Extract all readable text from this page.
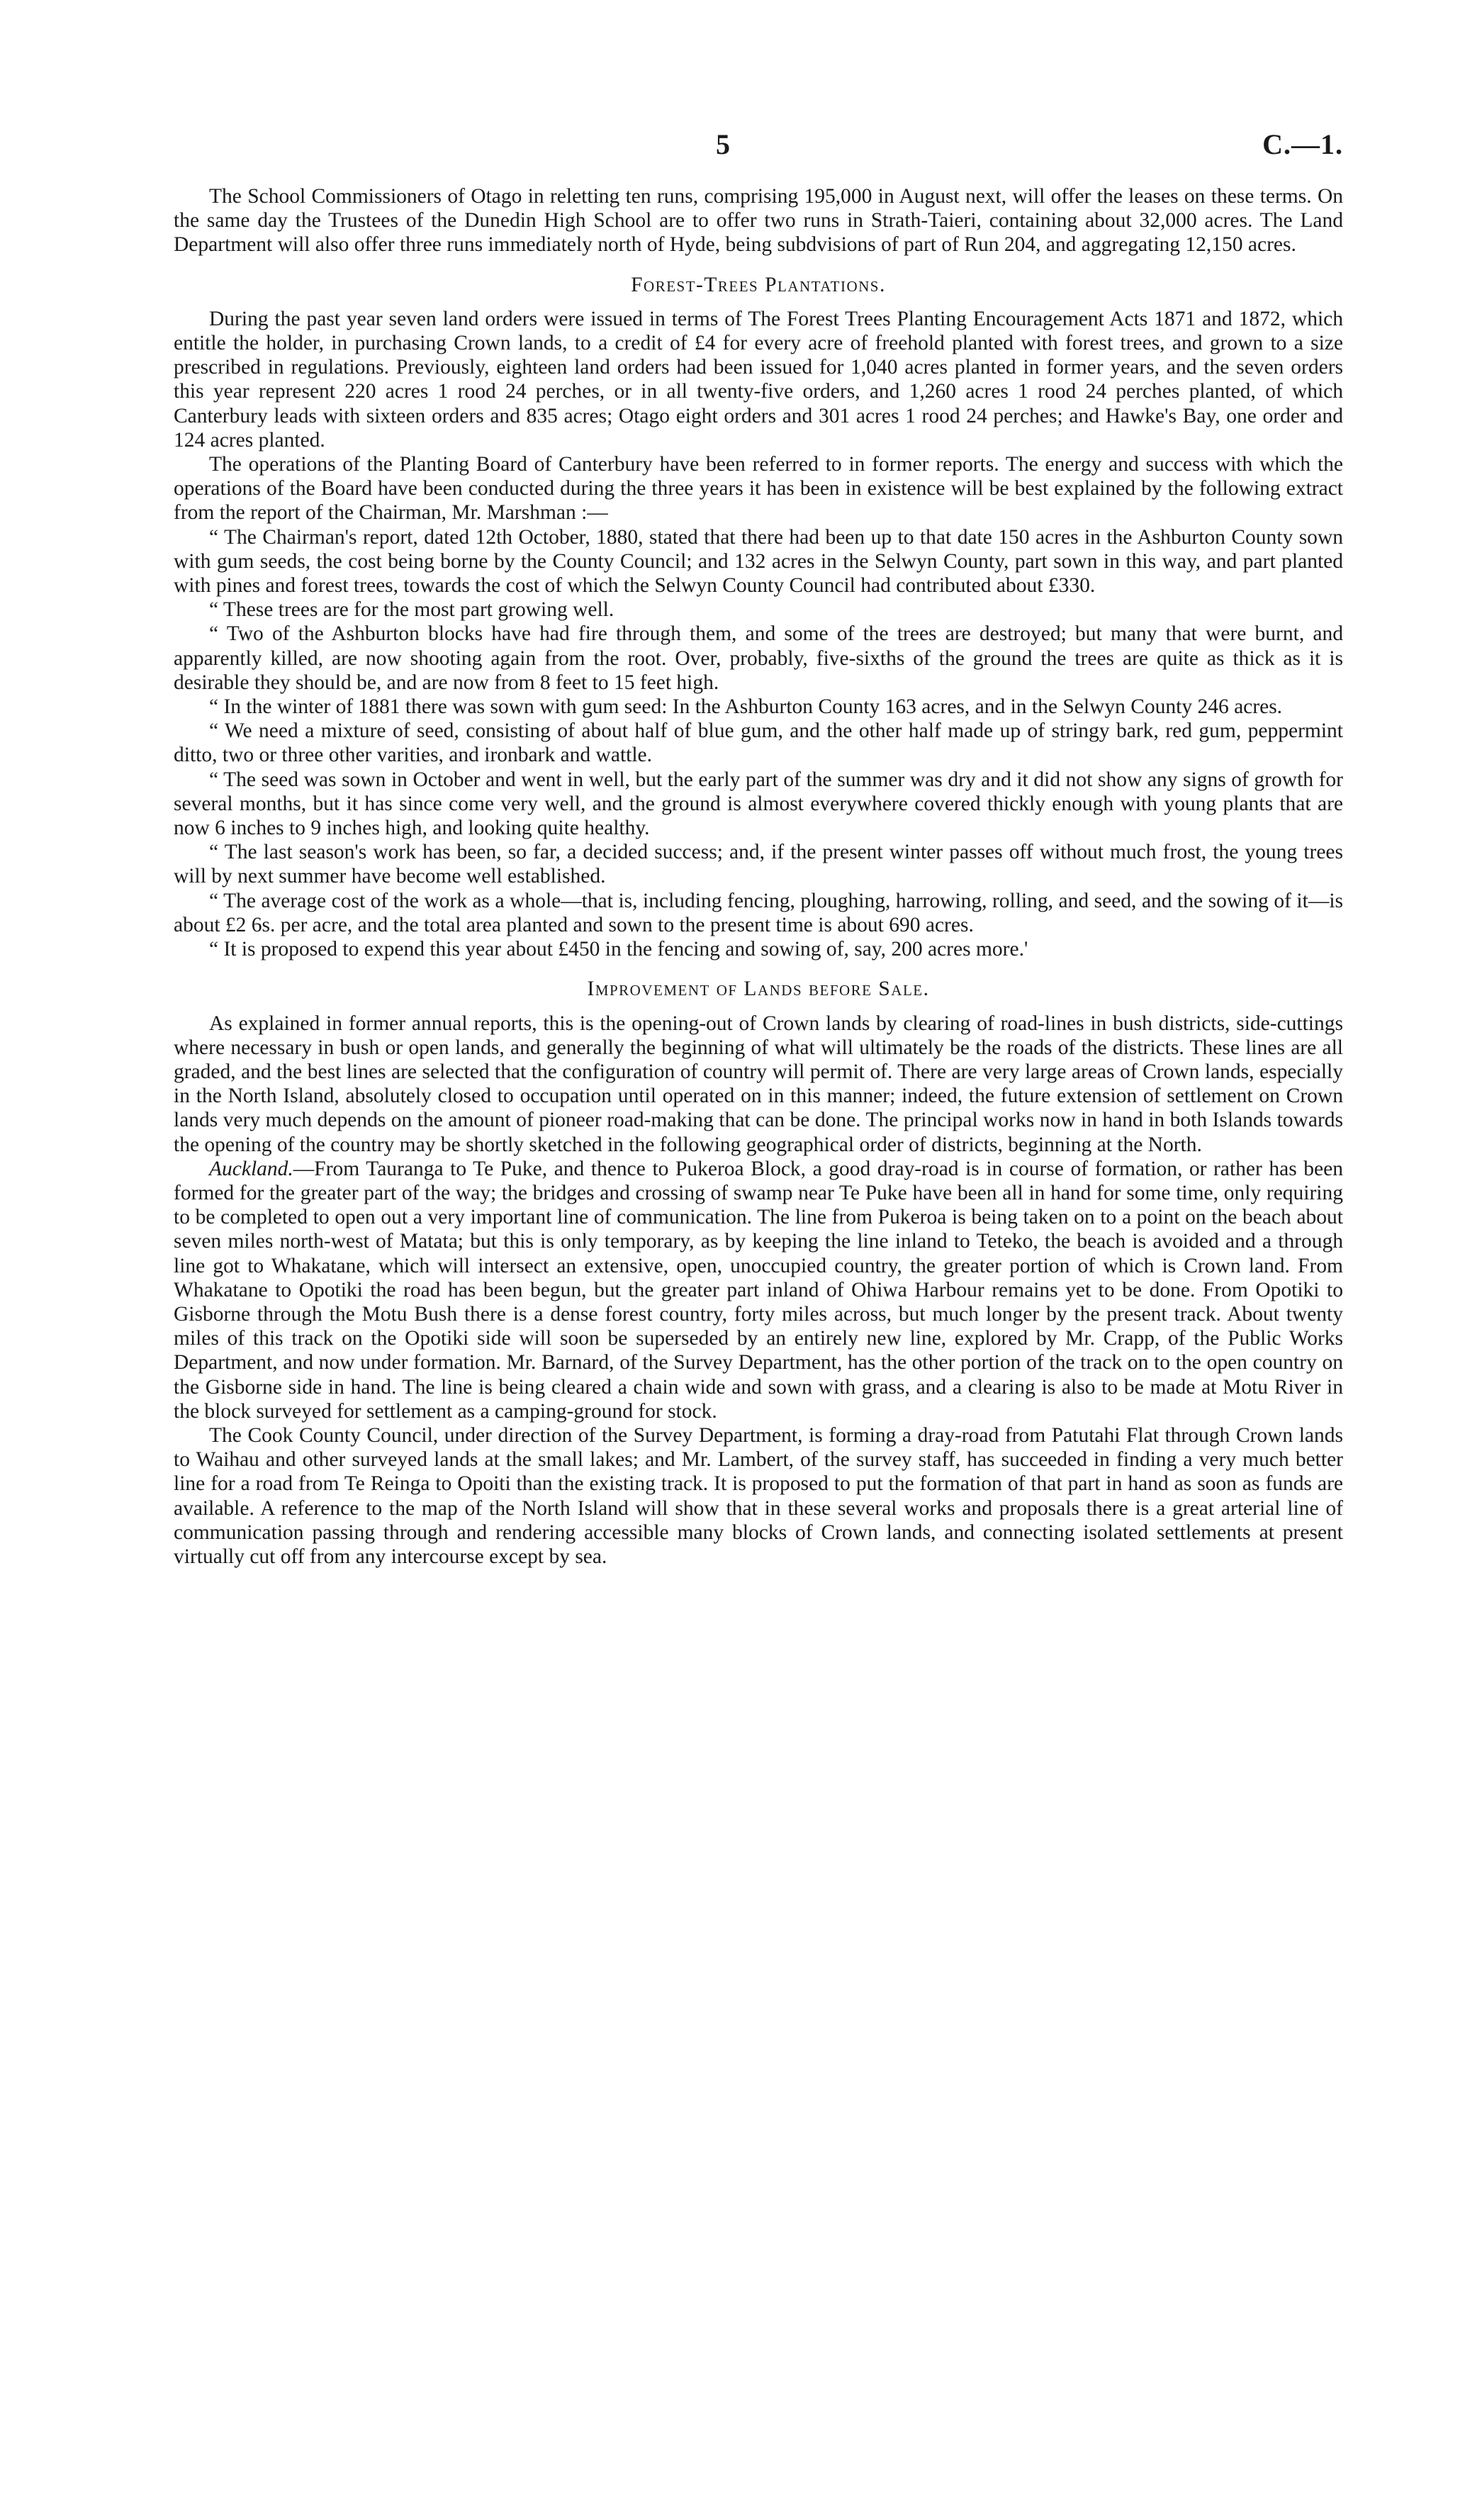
5	C.—1.

The School Commissioners of Otago in reletting ten runs, comprising 195,000 in August next, will offer the leases on these terms. On the same day the Trustees of the Dunedin High School are to offer two runs in Strath-Taieri, containing about 32,000 acres. The Land Department will also offer three runs immediately north of Hyde, being subdvisions of part of Run 204, and aggregating 12,150 acres.

Forest-Trees Plantations.

During the past year seven land orders were issued in terms of The Forest Trees Planting Encouragement Acts 1871 and 1872, which entitle the holder, in purchasing Crown lands, to a credit of £4 for every acre of freehold planted with forest trees, and grown to a size prescribed in regulations. Previously, eighteen land orders had been issued for 1,040 acres planted in former years, and the seven orders this year represent 220 acres 1 rood 24 perches, or in all twenty-five orders, and 1,260 acres 1 rood 24 perches planted, of which Canterbury leads with sixteen orders and 835 acres; Otago eight orders and 301 acres 1 rood 24 perches; and Hawke's Bay, one order and 124 acres planted.

The operations of the Planting Board of Canterbury have been referred to in former reports. The energy and success with which the operations of the Board have been conducted during the three years it has been in existence will be best explained by the following extract from the report of the Chairman, Mr. Marshman :—

“ The Chairman's report, dated 12th October, 1880, stated that there had been up to that date 150 acres in the Ashburton County sown with gum seeds, the cost being borne by the County Council; and 132 acres in the Selwyn County, part sown in this way, and part planted with pines and forest trees, towards the cost of which the Selwyn County Council had contributed about £330.

“ These trees are for the most part growing well.

“ Two of the Ashburton blocks have had fire through them, and some of the trees are destroyed; but many that were burnt, and apparently killed, are now shooting again from the root. Over, probably, five-sixths of the ground the trees are quite as thick as it is desirable they should be, and are now from 8 feet to 15 feet high.

“ In the winter of 1881 there was sown with gum seed: In the Ashburton County 163 acres, and in the Selwyn County 246 acres.

“ We need a mixture of seed, consisting of about half of blue gum, and the other half made up of stringy bark, red gum, peppermint ditto, two or three other varities, and ironbark and wattle.

“ The seed was sown in October and went in well, but the early part of the summer was dry and it did not show any signs of growth for several months, but it has since come very well, and the ground is almost everywhere covered thickly enough with young plants that are now 6 inches to 9 inches high, and looking quite healthy.

“ The last season's work has been, so far, a decided success; and, if the present winter passes off without much frost, the young trees will by next summer have become well established.

“ The average cost of the work as a whole—that is, including fencing, ploughing, harrowing, rolling, and seed, and the sowing of it—is about £2 6s. per acre, and the total area planted and sown to the present time is about 690 acres.

“ It is proposed to expend this year about £450 in the fencing and sowing of, say, 200 acres more.'

Improvement of Lands before Sale.

As explained in former annual reports, this is the opening-out of Crown lands by clearing of road-lines in bush districts, side-cuttings where necessary in bush or open lands, and generally the beginning of what will ultimately be the roads of the districts. These lines are all graded, and the best lines are selected that the configuration of country will permit of. There are very large areas of Crown lands, especially in the North Island, absolutely closed to occupation until operated on in this manner; indeed, the future extension of settlement on Crown lands very much depends on the amount of pioneer road-making that can be done. The principal works now in hand in both Islands towards the opening of the country may be shortly sketched in the following geographical order of districts, beginning at the North.

Auckland.—From Tauranga to Te Puke, and thence to Pukeroa Block, a good dray-road is in course of formation, or rather has been formed for the greater part of the way; the bridges and crossing of swamp near Te Puke have been all in hand for some time, only requiring to be completed to open out a very important line of communication. The line from Pukeroa is being taken on to a point on the beach about seven miles north-west of Matata; but this is only temporary, as by keeping the line inland to Teteko, the beach is avoided and a through line got to Whakatane, which will intersect an extensive, open, unoccupied country, the greater portion of which is Crown land. From Whakatane to Opotiki the road has been begun, but the greater part inland of Ohiwa Harbour remains yet to be done. From Opotiki to Gisborne through the Motu Bush there is a dense forest country, forty miles across, but much longer by the present track. About twenty miles of this track on the Opotiki side will soon be superseded by an entirely new line, explored by Mr. Crapp, of the Public Works Department, and now under formation. Mr. Barnard, of the Survey Department, has the other portion of the track on to the open country on the Gisborne side in hand. The line is being cleared a chain wide and sown with grass, and a clearing is also to be made at Motu River in the block surveyed for settlement as a camping-ground for stock.

The Cook County Council, under direction of the Survey Department, is forming a dray-road from Patutahi Flat through Crown lands to Waihau and other surveyed lands at the small lakes; and Mr. Lambert, of the survey staff, has succeeded in finding a very much better line for a road from Te Reinga to Opoiti than the existing track. It is proposed to put the formation of that part in hand as soon as funds are available. A reference to the map of the North Island will show that in these several works and proposals there is a great arterial line of communication passing through and rendering accessible many blocks of Crown lands, and connecting isolated settlements at present virtually cut off from any intercourse except by sea.
